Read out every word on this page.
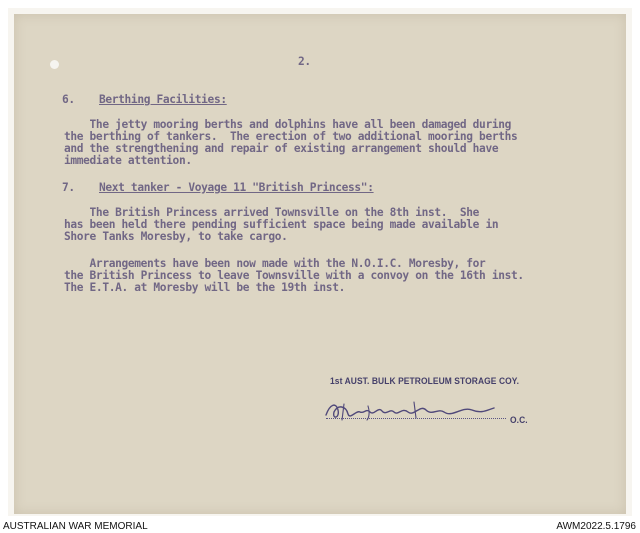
2.
6. Berthing Facilities:
The jetty mooring berths and dolphins have all been damaged during
the berthing of tankers.  The erection of two additional mooring berths
and the strengthening and repair of existing arrangement should have
immediate attention.
7. Next tanker - Voyage 11 "British Princess":
The British Princess arrived Townsville on the 8th inst.  She
has been held there pending sufficient space being made available in
Shore Tanks Moresby, to take cargo.
Arrangements have been now made with the N.O.I.C. Moresby, for
the British Princess to leave Townsville with a convoy on the 16th inst.
The E.T.A. at Moresby will be the 19th inst.
1st AUST. BULK PETROLEUM STORAGE COY.
O.C.
AUSTRALIAN WAR MEMORIAL	AWM2022.5.1796
